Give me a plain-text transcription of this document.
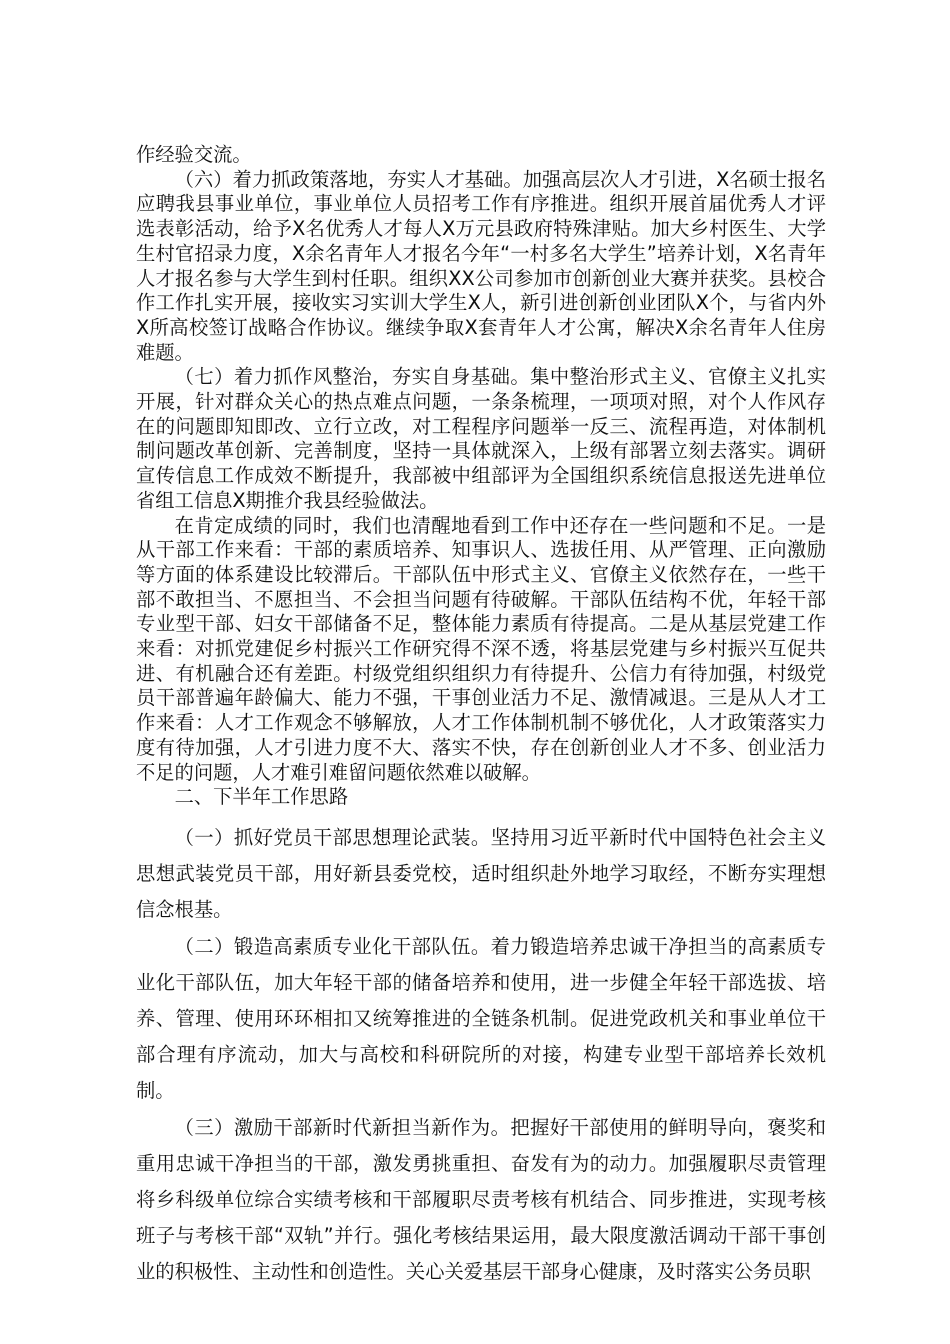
作经验交流。

（六）着力抓政策落地，夯实人才基础。加强高层次人才引进，X名硕士报名应聘我县事业单位，事业单位人员招考工作有序推进。组织开展首届优秀人才评选表彰活动，给予X名优秀人才每人X万元县政府特殊津贴。加大乡村医生、大学生村官招录力度，X余名青年人才报名今年“一村多名大学生”培养计划，X名青年人才报名参与大学生到村任职。组织XX公司参加市创新创业大赛并获奖。县校合作工作扎实开展，接收实习实训大学生X人，新引进创新创业团队X个，与省内外X所高校签订战略合作协议。继续争取X套青年人才公寓，解决X余名青年人住房难题。

（七）着力抓作风整治，夯实自身基础。集中整治形式主义、官僚主义扎实开展，针对群众关心的热点难点问题，一条条梳理，一项项对照，对个人作风存在的问题即知即改、立行立改，对工程程序问题举一反三、流程再造，对体制机制问题改革创新、完善制度，坚持一具体就深入，上级有部署立刻去落实。调研宣传信息工作成效不断提升，我部被中组部评为全国组织系统信息报送先进单位省组工信息X期推介我县经验做法。

在肯定成绩的同时，我们也清醒地看到工作中还存在一些问题和不足。一是从干部工作来看：干部的素质培养、知事识人、选拔任用、从严管理、正向激励等方面的体系建设比较滞后。干部队伍中形式主义、官僚主义依然存在，一些干部不敢担当、不愿担当、不会担当问题有待破解。干部队伍结构不优，年轻干部专业型干部、妇女干部储备不足，整体能力素质有待提高。二是从基层党建工作来看：对抓党建促乡村振兴工作研究得不深不透，将基层党建与乡村振兴互促共进、有机融合还有差距。村级党组织组织力有待提升、公信力有待加强，村级党员干部普遍年龄偏大、能力不强，干事创业活力不足、激情减退。三是从人才工作来看：人才工作观念不够解放，人才工作体制机制不够优化，人才政策落实力度有待加强，人才引进力度不大、落实不快，存在创新创业人才不多、创业活力不足的问题，人才难引难留问题依然难以破解。

二、下半年工作思路

（一）抓好党员干部思想理论武装。坚持用习近平新时代中国特色社会主义思想武装党员干部，用好新县委党校，适时组织赴外地学习取经，不断夯实理想信念根基。

（二）锻造高素质专业化干部队伍。着力锻造培养忠诚干净担当的高素质专业化干部队伍，加大年轻干部的储备培养和使用，进一步健全年轻干部选拔、培养、管理、使用环环相扣又统筹推进的全链条机制。促进党政机关和事业单位干部合理有序流动，加大与高校和科研院所的对接，构建专业型干部培养长效机制。

（三）激励干部新时代新担当新作为。把握好干部使用的鲜明导向，褒奖和重用忠诚干净担当的干部，激发勇挑重担、奋发有为的动力。加强履职尽责管理将乡科级单位综合实绩考核和干部履职尽责考核有机结合、同步推进，实现考核班子与考核干部“双轨”并行。强化考核结果运用，最大限度激活调动干部干事创业的积极性、主动性和创造性。关心关爱基层干部身心健康，及时落实公务员职
